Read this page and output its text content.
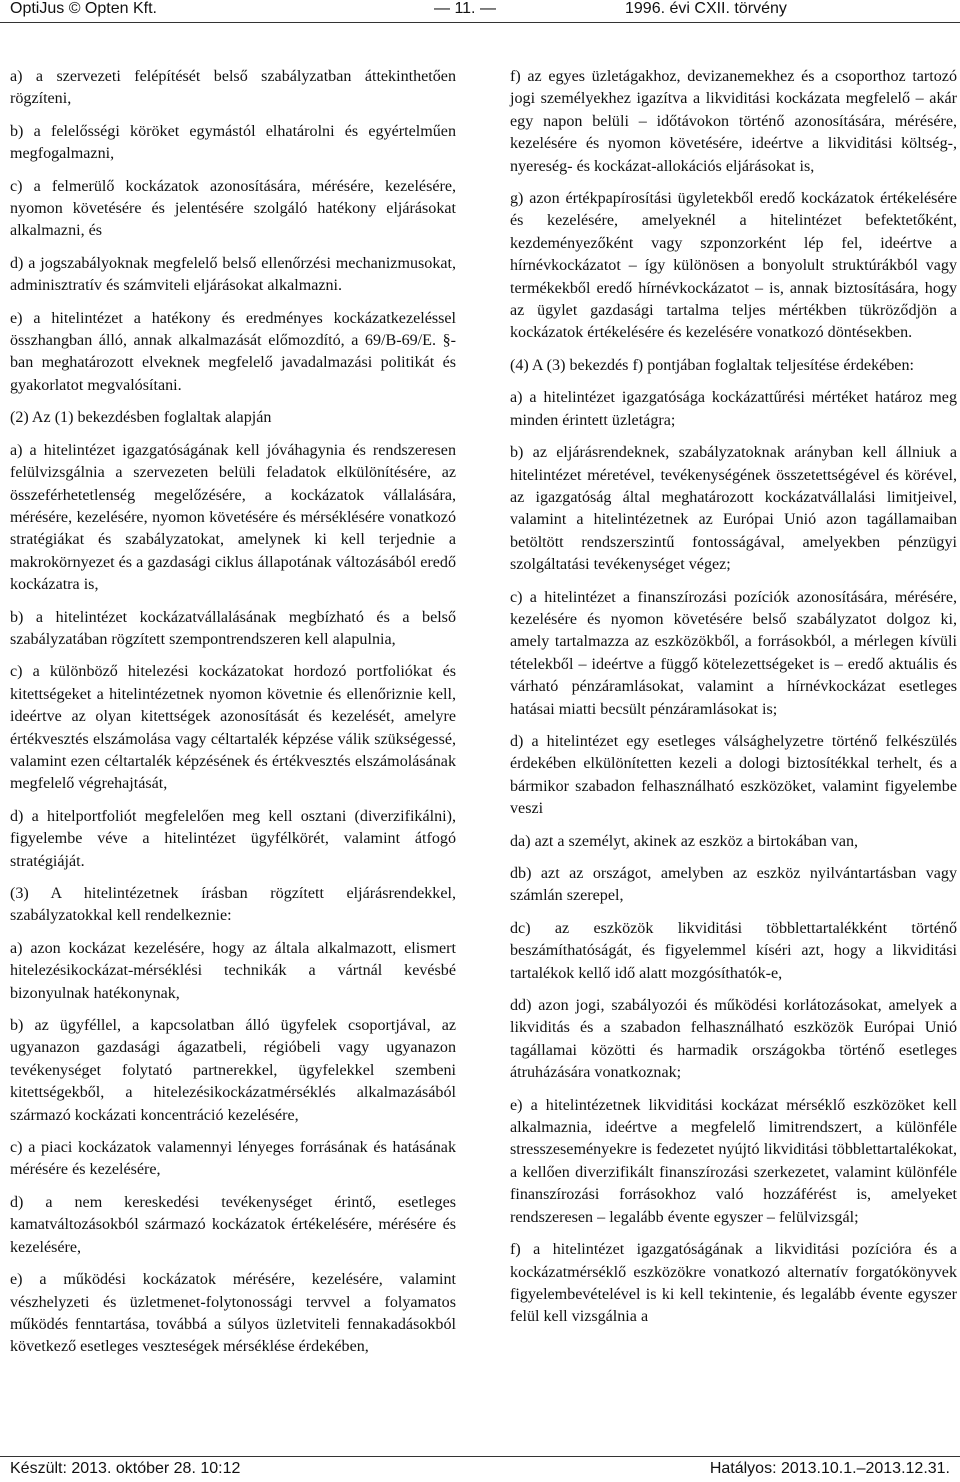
OptiJus © Opten Kft.	— 11. —	1996. évi CXII. törvény

a) a szervezeti felépítését belső szabályzatban áttekinthetően rögzíteni,

b) a felelősségi köröket egymástól elhatárolni és egyértelműen megfogalmazni,

c) a felmerülő kockázatok azonosítására, mérésére, kezelésére, nyomon követésére és jelentésére szolgáló hatékony eljárásokat alkalmazni, és

d) a jogszabályoknak megfelelő belső ellenőrzési mechanizmusokat, adminisztratív és számviteli eljárásokat alkalmazni.

e) a hitelintézet a hatékony és eredményes kockázatkezeléssel összhangban álló, annak alkalmazását előmozdító, a 69/B-69/E. §-ban meghatározott elveknek megfelelő javadalmazási politikát és gyakorlatot megvalósítani.

(2) Az (1) bekezdésben foglaltak alapján

a) a hitelintézet igazgatóságának kell jóváhagynia és rendszeresen felülvizsgálnia a szervezeten belüli feladatok elkülönítésére, az összeférhetetlenség megelőzésére, a kockázatok vállalására, mérésére, kezelésére, nyomon követésére és mérséklésére vonatkozó stratégiákat és szabályzatokat, amelynek ki kell terjednie a makrokörnyezet és a gazdasági ciklus állapotának változásából eredő kockázatra is,

b) a hitelintézet kockázatvállalásának megbízható és a belső szabályzatában rögzített szempontrendszeren kell alapulnia,

c) a különböző hitelezési kockázatokat hordozó portfoliókat és kitettségeket a hitelintézetnek nyomon követnie és ellenőriznie kell, ideértve az olyan kitettségek azonosítását és kezelését, amelyre értékvesztés elszámolása vagy céltartalék képzése válik szükségessé, valamint ezen céltartalék képzésének és értékvesztés elszámolásának megfelelő végrehajtását,

d) a hitelportfoliót megfelelően meg kell osztani (diverzifikálni), figyelembe véve a hitelintézet ügyfélkörét, valamint átfogó stratégiáját.

(3) A hitelintézetnek írásban rögzített eljárásrendekkel, szabályzatokkal kell rendelkeznie:

a) azon kockázat kezelésére, hogy az általa alkalmazott, elismert hitelezésikockázat-mérséklési technikák a vártnál kevésbé bizonyulnak hatékonynak,

b) az ügyféllel, a kapcsolatban álló ügyfelek csoportjával, az ugyanazon gazdasági ágazatbeli, régióbeli vagy ugyanazon tevékenységet folytató partnerekkel, ügyfelekkel szembeni kitettségekből, a hitelezésikockázatmérséklés alkalmazásából származó kockázati koncentráció kezelésére,

c) a piaci kockázatok valamennyi lényeges forrásának és hatásának mérésére és kezelésére,

d) a nem kereskedési tevékenységet érintő, esetleges kamatváltozásokból származó kockázatok értékelésére, mérésére és kezelésére,

e) a működési kockázatok mérésére, kezelésére, valamint vészhelyzeti és üzletmenet-folytonossági tervvel a folyamatos működés fenntartása, továbbá a súlyos üzletviteli fennakadásokból következő esetleges veszteségek mérséklése érdekében,

f) az egyes üzletágakhoz, devizanemekhez és a csoporthoz tartozó jogi személyekhez igazítva a likviditási kockázata megfelelő – akár egy napon belüli – időtávokon történő azonosítására, mérésére, kezelésére és nyomon követésére, ideértve a likviditási költség-, nyereség- és kockázat-allokációs eljárásokat is,

g) azon értékpapírosítási ügyletekből eredő kockázatok értékelésére és kezelésére, amelyeknél a hitelintézet befektetőként, kezdeményezőként vagy szponzorként lép fel, ideértve a hírnévkockázatot – így különösen a bonyolult struktúrákból vagy termékekből eredő hírnévkockázatot – is, annak biztosítására, hogy az ügylet gazdasági tartalma teljes mértékben tükröződjön a kockázatok értékelésére és kezelésére vonatkozó döntésekben.

(4) A (3) bekezdés f) pontjában foglaltak teljesítése érdekében:

a) a hitelintézet igazgatósága kockázattűrési mértéket határoz meg minden érintett üzletágra;

b) az eljárásrendeknek, szabályzatoknak arányban kell állniuk a hitelintézet méretével, tevékenységének összetettségével és körével, az igazgatóság által meghatározott kockázatvállalási limitjeivel, valamint a hitelintézetnek az Európai Unió azon tagállamaiban betöltött rendszerszintű fontosságával, amelyekben pénzügyi szolgáltatási tevékenységet végez;

c) a hitelintézet a finanszírozási pozíciók azonosítására, mérésére, kezelésére és nyomon követésére belső szabályzatot dolgoz ki, amely tartalmazza az eszközökből, a forrásokból, a mérlegen kívüli tételekből – ideértve a függő kötelezettségeket is – eredő aktuális és várható pénzáramlásokat, valamint a hírnévkockázat esetleges hatásai miatti becsült pénzáramlásokat is;

d) a hitelintézet egy esetleges válsághelyzetre történő felkészülés érdekében elkülönítetten kezeli a dologi biztosítékkal terhelt, és a bármikor szabadon felhasználható eszközöket, valamint figyelembe veszi

da) azt a személyt, akinek az eszköz a birtokában van,

db) azt az országot, amelyben az eszköz nyilvántartásban vagy számlán szerepel,

dc) az eszközök likviditási többlettartalékként történő beszámíthatóságát, és figyelemmel kíséri azt, hogy a likviditási tartalékok kellő idő alatt mozgósíthatók-e,

dd) azon jogi, szabályozói és működési korlátozásokat, amelyek a likviditás és a szabadon felhasználható eszközök Európai Unió tagállamai közötti és harmadik országokba történő esetleges átruházására vonatkoznak;

e) a hitelintézetnek likviditási kockázat mérséklő eszközöket kell alkalmaznia, ideértve a megfelelő limitrendszert, a különféle stresszeseményekre is fedezetet nyújtó likviditási többlettartalékokat, a kellően diverzifikált finanszírozási szerkezetet, valamint különféle finanszírozási forrásokhoz való hozzáférést is, amelyeket rendszeresen – legalább évente egyszer – felülvizsgál;

f) a hitelintézet igazgatóságának a likviditási pozícióra és a kockázatmérséklő eszközökre vonatkozó alternatív forgatókönyvek figyelembevételével is ki kell tekintenie, és legalább évente egyszer felül kell vizsgálnia a

Készült: 2013. október 28. 10:12	Hatályos: 2013.10.1.–2013.12.31.
